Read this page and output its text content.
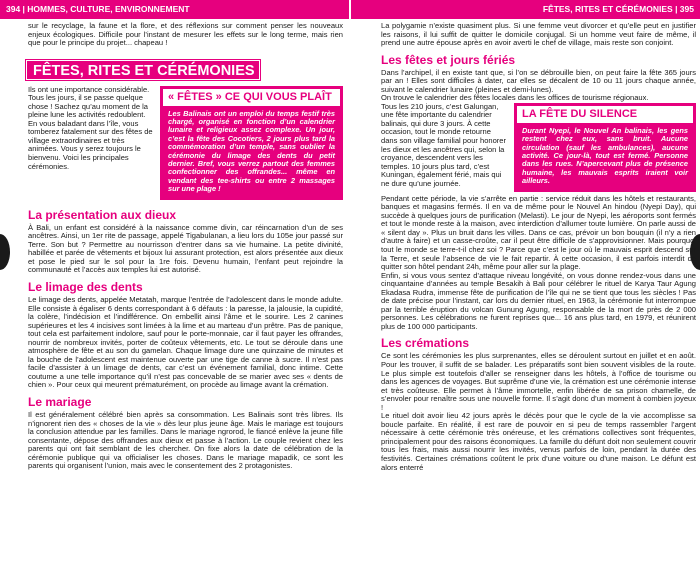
394 | HOMMES, CULTURE, ENVIRONNEMENT	FÊTES, RITES ET CÉRÉMONIES | 395

sur le recyclage, la faune et la flore, et des réflexions sur comment penser les nouveaux enjeux écologiques. Difficile pour l’instant de mesurer les effets sur le long terme, mais rien que pour le principe du projet... chapeau !

FÊTES, RITES ET CÉRÉMONIES
« FÊTES » CE QUI VOUS PLAÎT
Les Balinais ont un emploi du temps festif très chargé, organisé en fonction d’un calendrier lunaire et religieux assez complexe. Un jour, c’est la fête des Cocotiers, 2 jours plus tard la commémoration d’un temple, sans oublier la cérémonie du limage des dents du petit dernier. Bref, vous verrez partout des femmes confectionner des offrandes... même en vendant des tee-shirts ou entre 2 massages sur une plage !

Ils ont une importance considérable. Tous les jours, il se passe quelque chose ! Sachez qu’au moment de la pleine lune les activités redoublent. En vous baladant dans l’île, vous tomberez fatalement sur des fêtes de village extraordinaires et très animées. Vous y serez toujours le bienvenu. Voici les principales cérémonies.

La présentation aux dieux

À Bali, un enfant est considéré à la naissance comme divin, car réincarnation d’un de ses ancêtres. Ainsi, un 1er rite de passage, appelé Tigabulanan, a lieu lors du 105e jour passé sur Terre. Son but ? Permettre au nourrisson d’entrer dans sa vie humaine. La petite divinité, habillée et parée de vêtements et bijoux lui assurant protection, est alors présentée aux dieux et pose le pied sur le sol pour la 1re fois. Devenu humain, l’enfant peut rejoindre la communauté et l’accès aux temples lui est autorisé.

Le limage des dents

Le limage des dents, appelée Metatah, marque l’entrée de l’adolescent dans le monde adulte. Elle consiste à égaliser 6 dents correspondant à 6 défauts : la paresse, la jalousie, la cupidité, la colère, l’indécision et l’indifférence. On embellit ainsi l’âme et le sourire. Les 2 canines supérieures et les 4 incisives sont limées à la lime et au marteau d’un prêtre. Pas de panique, tout cela est parfaitement indolore, sauf pour le porte-monnaie, car il faut payer les offrandes, nourrir de nombreux invités, porter de coûteux vêtements, etc. Le tout se déroule dans une atmosphère de fête et au son du gamelan. Chaque limage dure une quinzaine de minutes et la bouche de l’adolescent est maintenue ouverte par une tige de canne à sucre. Il n’est pas facile d’assister à un limage de dents, car c’est un événement familial, donc intime. Cette coutume a une telle importance qu’il n’est pas concevable de se marier avec ses « dents de chien ». Pour ceux qui meurent prématurément, on procède au limage avant la crémation.

Le mariage

Il est généralement célébré bien après sa consommation. Les Balinais sont très libres. Ils n’ignorent rien des « choses de la vie » dès leur plus jeune âge. Mais le mariage est toujours la conclusion attendue par les familles. Dans le mariage ngrorod, le fiancé enlève la jeune fille consentante, dépose des offrandes aux dieux et passe à l’action. Le couple revient chez les parents qui ont fait semblant de les chercher. On fixe alors la date de célébration de la cérémonie publique qui va officialiser les choses. Dans le mariage mapadik, ce sont les parents qui organisent l’union, mais avec le consentement des 2 protagonistes.

La polygamie n’existe quasiment plus. Si une femme veut divorcer et qu’elle peut en justifier les raisons, il lui suffit de quitter le domicile conjugal. Si un homme veut faire de même, il prend une autre épouse après en avoir averti le chef de village, mais reste son conjoint.

Les fêtes et jours fériés

Dans l’archipel, il en existe tant que, si l’on se débrouille bien, on peut faire la fête 365 jours par an ! Elles sont difficiles à dater, car elles se décalent de 10 ou 11 jours chaque année, suivant le calendrier lunaire (pleines et demi-lunes).

On trouve le calendrier des fêtes locales dans les offices de tourisme régionaux.

LA FÊTE DU SILENCE
Durant Nyepi, le Nouvel An balinais, les gens restent chez eux, sans bruit. Aucune circulation (sauf les ambulances), aucune activité. Ce jour-là, tout est fermé. Personne dans les rues. N’apercevant plus de présence humaine, les mauvais esprits iraient voir ailleurs.

Tous les 210 jours, c’est Galungan, une fête importante du calendrier balinais, qui dure 3 jours. À cette occasion, tout le monde retourne dans son village familial pour honorer les dieux et les ancêtres qui, selon la croyance, descendent vers les temples. 10 jours plus tard, c’est Kuningan, également férié, mais qui ne dure qu’une journée.

Pendant cette période, la vie s’arrête en partie : service réduit dans les hôtels et restaurants, banques et magasins fermés. Il en va de même pour le Nouvel An hindou (Nyepi Day), qui succède à quelques jours de purification (Melasti). Le jour de Nyepi, les aéroports sont fermés et tout le monde reste à la maison, avec interdiction d’allumer toute lumière. On parle aussi de « silent day ». Plus un bruit dans les villes. Dans ce cas, prévoir un bon bouquin (il n’y a rien d’autre à faire) et un casse-croûte, car il peut être difficile de s’approvisionner. Mais pourquoi tout le monde se terre-t-il chez soi ? Parce que c’est le jour où le mauvais esprit descend sur la Terre, et seule l’absence de vie le fait repartir. À cette occasion, il est parfois interdit de quitter son hôtel pendant 24h, même pour aller sur la plage.

Enfin, si vous vous sentez d’attaque niveau longévité, on vous donne rendez-vous dans une cinquantaine d’années au temple Besakih à Bali pour célébrer le rituel de Karya Taur Agung Ekadasa Rudra, immense fête de purification de l’île qui ne se tient que tous les siècles ! Pas de date précise pour l’instant, car lors du dernier rituel, en 1963, la cérémonie fut interrompue par la terrible éruption du volcan Gunung Agung, responsable de la mort de près de 2 000 personnes. Les célébrations ne furent reprises que... 16 ans plus tard, en 1979, et réunirent plus de 100 000 participants.

Les crémations

Ce sont les cérémonies les plus surprenantes, elles se déroulent surtout en juillet et en août. Pour les trouver, il suffit de se balader. Les préparatifs sont bien souvent visibles de la route. Le plus simple est toutefois d’aller se renseigner dans les hôtels, à l’office de tourisme ou dans les agences de voyages. But suprême d’une vie, la crémation est une cérémonie intense et très coûteuse. Elle permet à l’âme immortelle, enfin libérée de sa prison charnelle, de s’envoler pour renaître sous une nouvelle forme. Il s’agit donc d’un moment à combien joyeux !

Le rituel doit avoir lieu 42 jours après le décès pour que le cycle de la vie accomplisse sa boucle parfaite. En réalité, il est rare de pouvoir en si peu de temps rassembler l’argent nécessaire à cette cérémonie très onéreuse, et les crémations collectives sont fréquentes, principalement pour des raisons économiques. La famille du défunt doit non seulement couvrir tous les frais, mais aussi nourrir les invités, venus parfois de loin, pendant la durée des festivités. Certaines crémations coûtent le prix d’une voiture ou d’une maison. Le défunt est alors enterré
